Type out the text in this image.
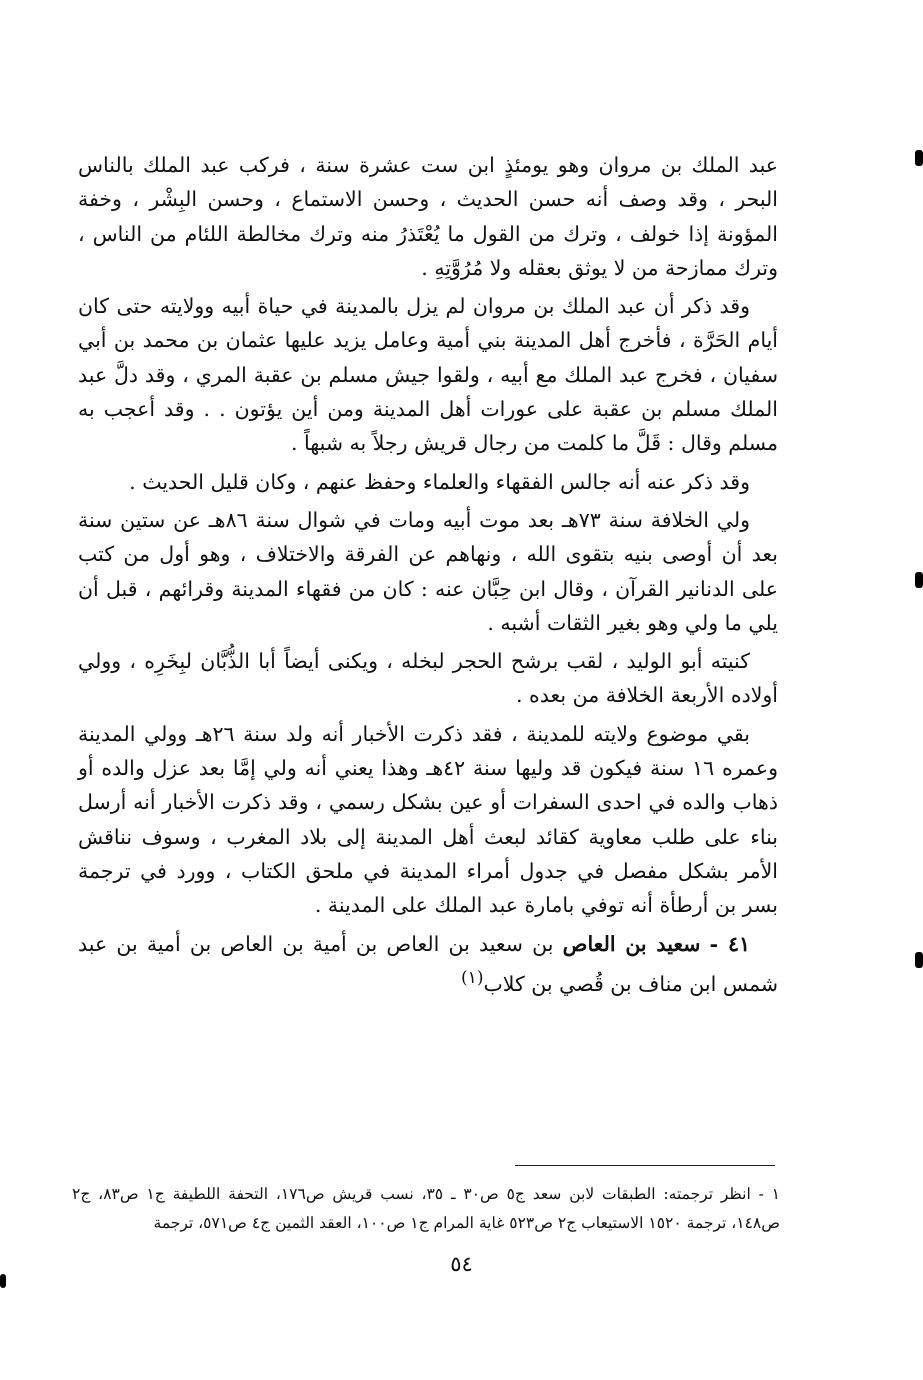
عبد الملك بن مروان وهو يومئذٍ ابن ست عشرة سنة ، فركب عبد الملك بالناس البحر ، وقد وصف أنه حسن الحديث ، وحسن الاستماع ، وحسن البِشْر ، وخفة المؤونة إذا خولف ، وترك من القول ما يُعْتَذرُ منه وترك مخالطة اللئام من الناس ، وترك ممازحة من لا يوثق بعقله ولا مُرُوَّتِهِ .

وقد ذكر أن عبد الملك بن مروان لم يزل بالمدينة في حياة أبيه وولايته حتى كان أيام الحَرَّة ، فأخرج أهل المدينة بني أمية وعامل يزيد عليها عثمان بن محمد بن أبي سفيان ، فخرج عبد الملك مع أبيه ، ولقوا جيش مسلم بن عقبة المري ، وقد دلَّ عبد الملك مسلم بن عقبة على عورات أهل المدينة ومن أين يؤتون . . وقد أعجب به مسلم وقال : قَلَّ ما كلمت من رجال قريش رجلاً به شبهاً .

وقد ذكر عنه أنه جالس الفقهاء والعلماء وحفظ عنهم ، وكان قليل الحديث .

ولي الخلافة سنة ٧٣هـ بعد موت أبيه ومات في شوال سنة ٨٦هـ عن ستين سنة بعد أن أوصى بنيه بتقوى الله ، ونهاهم عن الفرقة والاختلاف ، وهو أول من كتب على الدنانير القرآن ، وقال ابن حِبَّان عنه : كان من فقهاء المدينة وقرائهم ، قبل أن يلي ما ولي وهو بغير الثقات أشبه .

كنيته أبو الوليد ، لقب برشح الحجر لبخله ، ويكنى أيضاً أبا الذُّبَّان لبِخَرِه ، وولي أولاده الأربعة الخلافة من بعده .

بقي موضوع ولايته للمدينة ، فقد ذكرت الأخبار أنه ولد سنة ٢٦هـ وولي المدينة وعمره ١٦ سنة فيكون قد وليها سنة ٤٢هـ وهذا يعني أنه ولي إمَّا بعد عزل والده أو ذهاب والده في احدى السفرات أو عين بشكل رسمي ، وقد ذكرت الأخبار أنه أرسل بناء على طلب معاوية كقائد لبعث أهل المدينة إلى بلاد المغرب ، وسوف نناقش الأمر بشكل مفصل في جدول أمراء المدينة في ملحق الكتاب ، وورد في ترجمة بسر بن أرطأة أنه توفي بامارة عبد الملك على المدينة .

٤١ - سعيد بن العاص بن سعيد بن العاص بن أمية بن العاص بن أمية بن عبد شمس ابن مناف بن قُصي بن كلاب$^{(١)}$

١ - انظر ترجمته: الطبقات لابن سعد ج٥ ص٣٠ ـ ٣٥، نسب قريش ص١٧٦، التحفة اللطيفة ج١ ص٨٣، ج٢ ص١٤٨، ترجمة ١٥٢٠ الاستيعاب ج٢ ص٥٢٣ غاية المرام ج١ ص١٠٠، العقد الثمين ج٤ ص٥٧١، ترجمة
٥٤
